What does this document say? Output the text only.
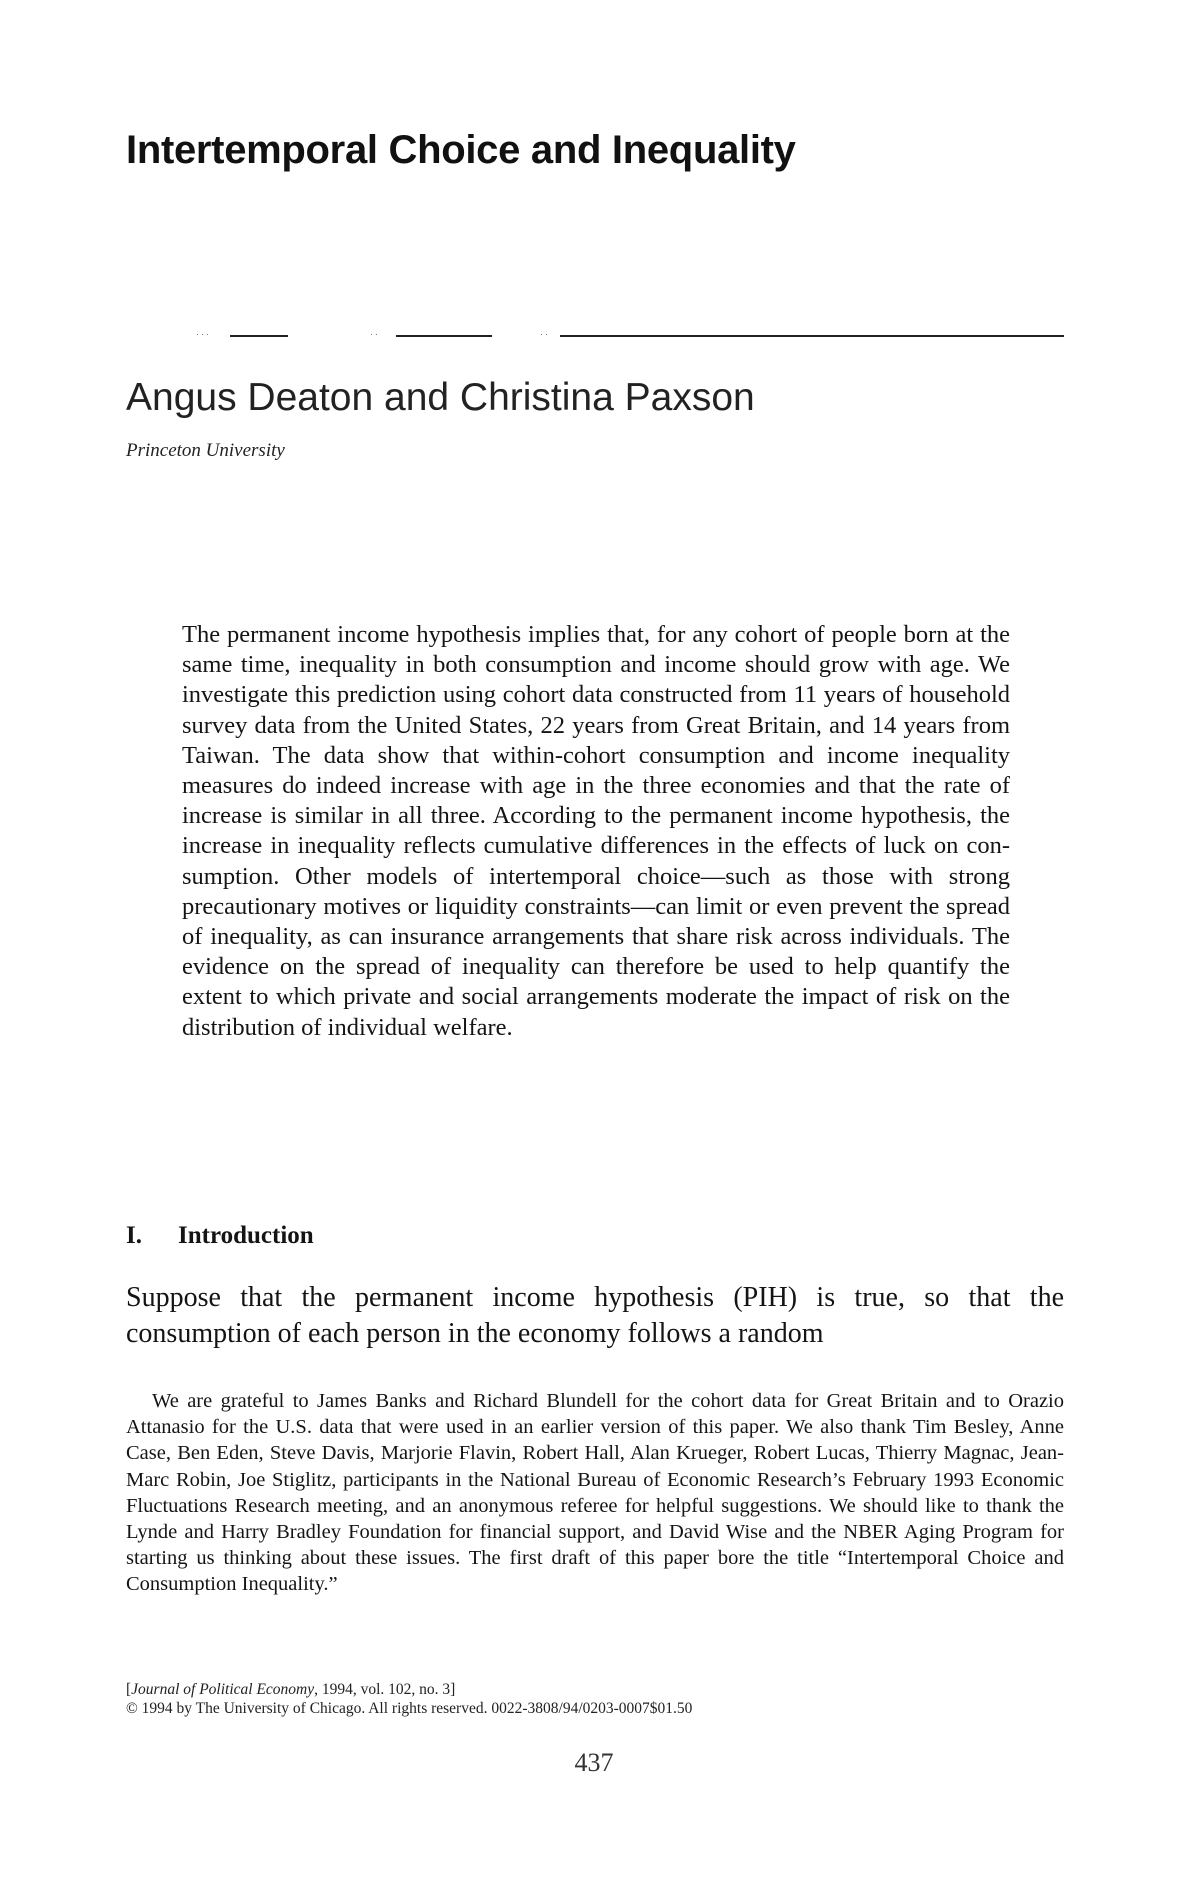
Intertemporal Choice and Inequality
···	··	··
Angus Deaton and Christina Paxson
Princeton University

The permanent income hypothesis implies that, for any cohort of people born at the same time, inequality in both consumption and income should grow with age. We investigate this prediction using cohort data constructed from 11 years of household survey data from the United States, 22 years from Great Britain, and 14 years from Taiwan. The data show that within-cohort consumption and income inequality measures do indeed increase with age in the three economies and that the rate of increase is similar in all three. According to the permanent income hypothesis, the increase in inequality reflects cumulative differences in the effects of luck on consumption. Other models of intertemporal choice—such as those with strong precautionary motives or liquidity constraints—can limit or even prevent the spread of inequality, as can insurance arrangements that share risk across individuals. The evidence on the spread of inequality can therefore be used to help quantify the extent to which private and social arrangements moderate the impact of risk on the distribution of individual welfare.

I. Introduction

Suppose that the permanent income hypothesis (PIH) is true, so that the consumption of each person in the economy follows a random

We are grateful to James Banks and Richard Blundell for the cohort data for Great Britain and to Orazio Attanasio for the U.S. data that were used in an earlier version of this paper. We also thank Tim Besley, Anne Case, Ben Eden, Steve Davis, Marjorie Flavin, Robert Hall, Alan Krueger, Robert Lucas, Thierry Magnac, Jean-Marc Robin, Joe Stiglitz, participants in the National Bureau of Economic Research’s February 1993 Economic Fluctuations Research meeting, and an anonymous referee for helpful suggestions. We should like to thank the Lynde and Harry Bradley Foundation for financial support, and David Wise and the NBER Aging Program for starting us thinking about these issues. The first draft of this paper bore the title “Intertemporal Choice and Consumption Inequality.”

[Journal of Political Economy, 1994, vol. 102, no. 3]
© 1994 by The University of Chicago. All rights reserved. 0022-3808/94/0203-0007$01.50
437
